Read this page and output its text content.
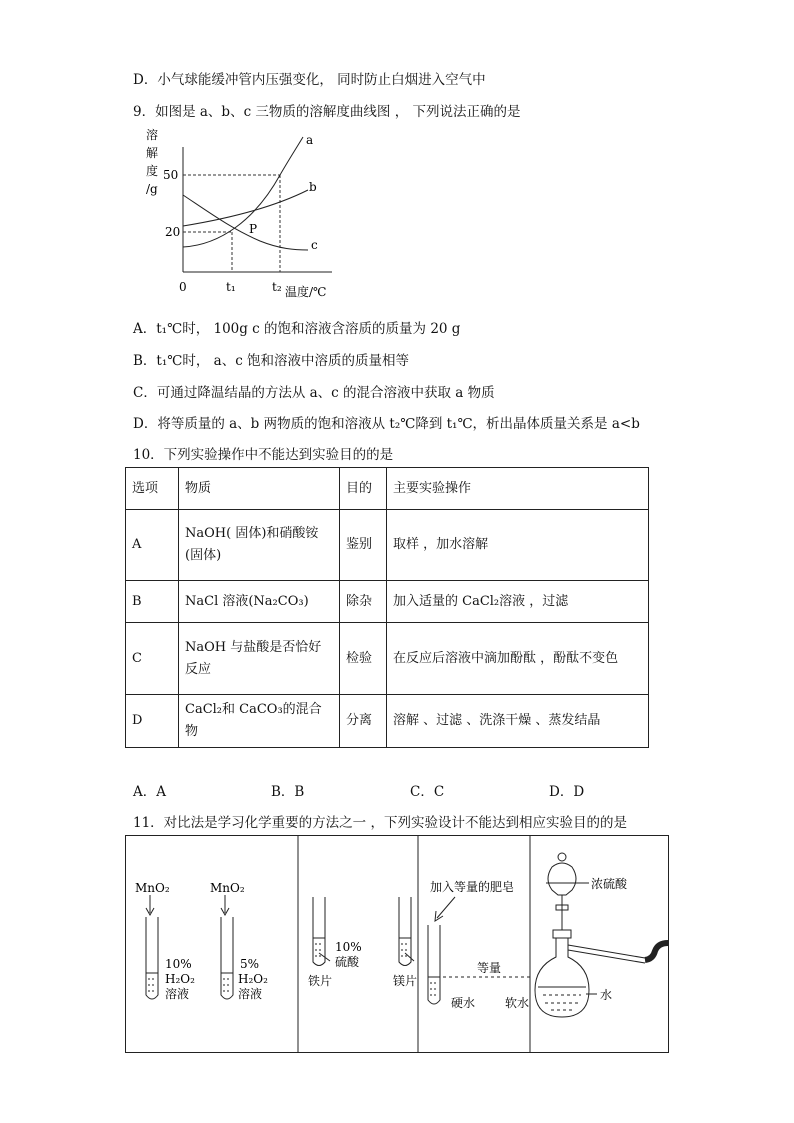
D．小气球能缓冲管内压强变化， 同时防止白烟进入空气中
9．如图是 a、b、c 三物质的溶解度曲线图 ， 下列说法正确的是
溶
解
度
/g
50
20
a
b
c
P
0	t₁	t₂ 温度/℃
A．t₁℃时， 100g c 的饱和溶液含溶质的质量为 20 g
B．t₁℃时， a、c 饱和溶液中溶质的质量相等
C．可通过降温结晶的方法从 a、c 的混合溶液中获取 a 物质
D．将等质量的 a、b 两物质的饱和溶液从 t₂℃降到 t₁℃，析出晶体质量关系是 a<b
10．下列实验操作中不能达到实验目的的是
选项	物质	目的	主要实验操作
A	NaOH( 固体)和硝酸铵(固体)	鉴别	取样 ，加水溶解
B	NaCl 溶液(Na₂CO₃)	除杂	加入适量的 CaCl₂溶液 ，过滤
C	NaOH 与盐酸是否恰好反应	检验	在反应后溶液中滴加酚酞 ，酚酞不变色
D	CaCl₂和 CaCO₃的混合物	分离	溶解 、过滤 、洗涤干燥 、蒸发结晶
A．A	B．B	C．C	D．D
11．对比法是学习化学重要的方法之一 ，下列实验设计不能达到相应实验目的的是
MnO₂
10%
H₂O₂
溶液
MnO₂
5%
H₂O₂
溶液
10%
硫酸
铁片	镁片
加入等量的肥皂
等量
硬水 软水
浓硫酸
水
